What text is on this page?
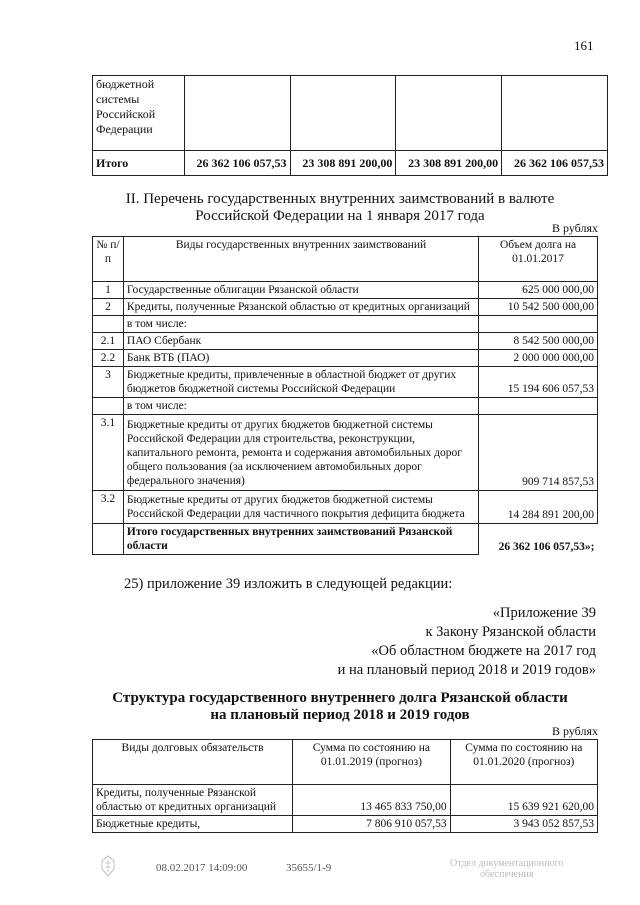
161
бюджетной системы Российской Федерации				
Итого	26 362 106 057,53	23 308 891 200,00	23 308 891 200,00	26 362 106 057,53
II. Перечень государственных внутренних заимствований в валюте
Российской Федерации на 1 января 2017 года
В рублях
№ п/п	Виды государственных внутренних заимствований	Объем долга на 01.01.2017
1	Государственные облигации Рязанской области	625 000 000,00
2	Кредиты, полученные Рязанской областью от кредитных организаций	10 542 500 000,00
	в том числе:	
2.1	ПАО Сбербанк	8 542 500 000,00
2.2	Банк ВТБ (ПАО)	2 000 000 000,00
3	Бюджетные кредиты, привлеченные в областной бюджет от других бюджетов бюджетной системы Российской Федерации	15 194 606 057,53
	в том числе:	
3.1	Бюджетные кредиты от других бюджетов бюджетной системы Российской Федерации для строительства, реконструкции, капитального ремонта, ремонта и содержания автомобильных дорог общего пользования (за исключением автомобильных дорог федерального значения)	909 714 857,53
3.2	Бюджетные кредиты от других бюджетов бюджетной системы Российской Федерации для частичного покрытия дефицита бюджета	14 284 891 200,00
	Итого государственных внутренних заимствований Рязанской области	26 362 106 057,53»;
25) приложение 39 изложить в следующей редакции:
«Приложение 39
к Закону Рязанской области
«Об областном бюджете на 2017 год
и на плановый период 2018 и 2019 годов»
Структура государственного внутреннего долга Рязанской области
на плановый период 2018 и 2019 годов
В рублях
Виды долговых обязательств	Сумма по состоянию на 01.01.2019 (прогноз)	Сумма по состоянию на 01.01.2020 (прогноз)
Кредиты, полученные Рязанской областью от кредитных организаций	13 465 833 750,00	15 639 921 620,00
Бюджетные кредиты,	7 806 910 057,53	3 943 052 857,53
08.02.2017 14:09:00	35655/1-9	Отдел документационного
обеспечения
